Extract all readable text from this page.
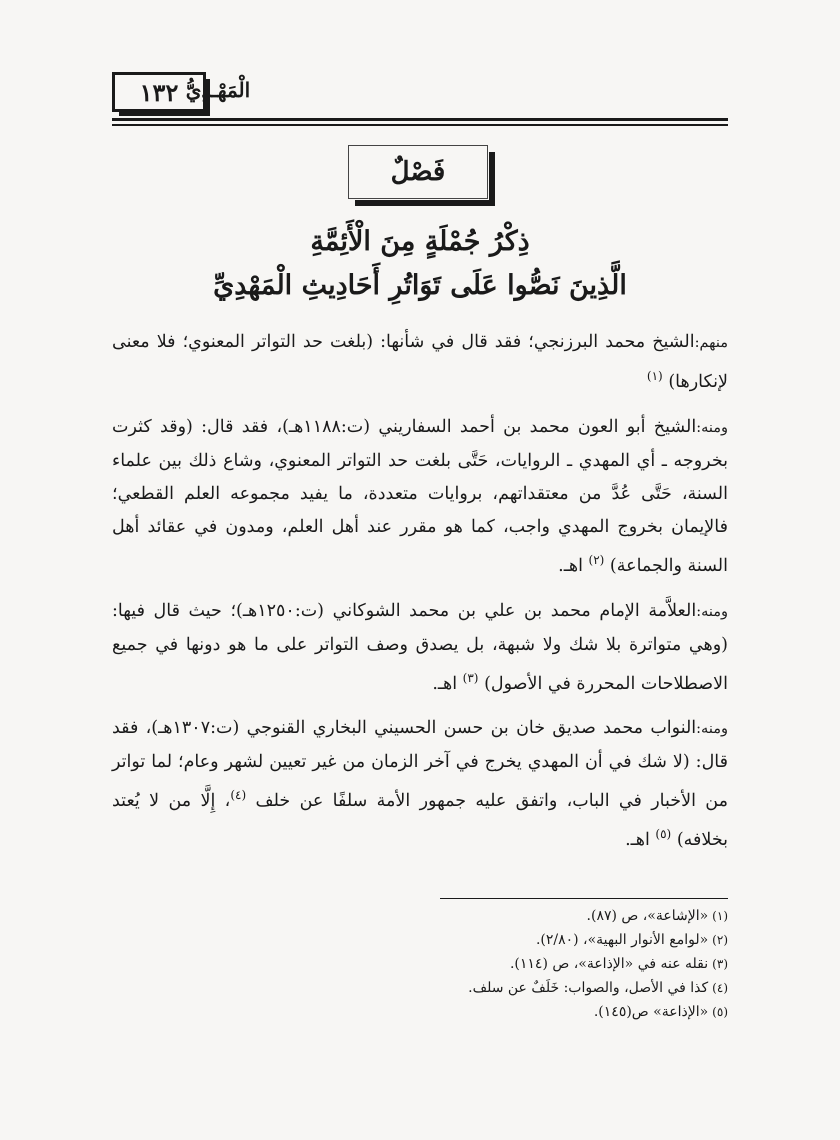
١٣٢ الْمَهْـدِيُّ
فَصْلٌ
ذِكْرُ جُمْلَةٍ مِنَ الْأَئِمَّةِ
الَّذِينَ نَصُّوا عَلَى تَوَاتُرِ أَحَادِيثِ الْمَهْدِيِّ

منهم:الشيخ محمد البرزنجي؛ فقد قال في شأنها: (بلغت حد التواتر المعنوي؛ فلا معنى لإنكارها) $^{(١)}$

ومنه:الشيخ أبو العون محمد بن أحمد السفاريني (ت:١١٨٨هـ)، فقد قال: (وقد كثرت بخروجه ـ أي المهدي ـ الروايات، حَتَّى بلغت حد التواتر المعنوي، وشاع ذلك بين علماء السنة، حَتَّى عُدَّ من معتقداتهم، بروايات متعددة، ما يفيد مجموعه العلم القطعي؛ فالإيمان بخروج المهدي واجب، كما هو مقرر عند أهل العلم، ومدون في عقائد أهل السنة والجماعة) $^{(٢)}$ اهـ.

ومنه:العلاَّمة الإمام محمد بن علي بن محمد الشوكاني (ت:١٢٥٠هـ)؛ حيث قال فيها: (وهي متواترة بلا شك ولا شبهة، بل يصدق وصف التواتر على ما هو دونها في جميع الاصطلاحات المحررة في الأصول) $^{(٣)}$ اهـ.

ومنه:النواب محمد صديق خان بن حسن الحسيني البخاري القنوجي (ت:١٣٠٧هـ)، فقد قال: (لا شك في أن المهدي يخرج في آخر الزمان من غير تعيين لشهر وعام؛ لما تواتر من الأخبار في الباب، واتفق عليه جمهور الأمة سلفًا عن خلف $^{(٤)}$، إِلَّا من لا يُعتد بخلافه) $^{(٥)}$ اهـ.

(١)«الإشاعة»، ص (٨٧).
(٢)«لوامع الأنوار البهية»، (٢/٨٠).
(٣)نقله عنه في «الإذاعة»، ص (١١٤).
(٤)كذا في الأصل، والصواب: خَلَفٌ عن سلف.
(٥)«الإذاعة» ص(١٤٥).
